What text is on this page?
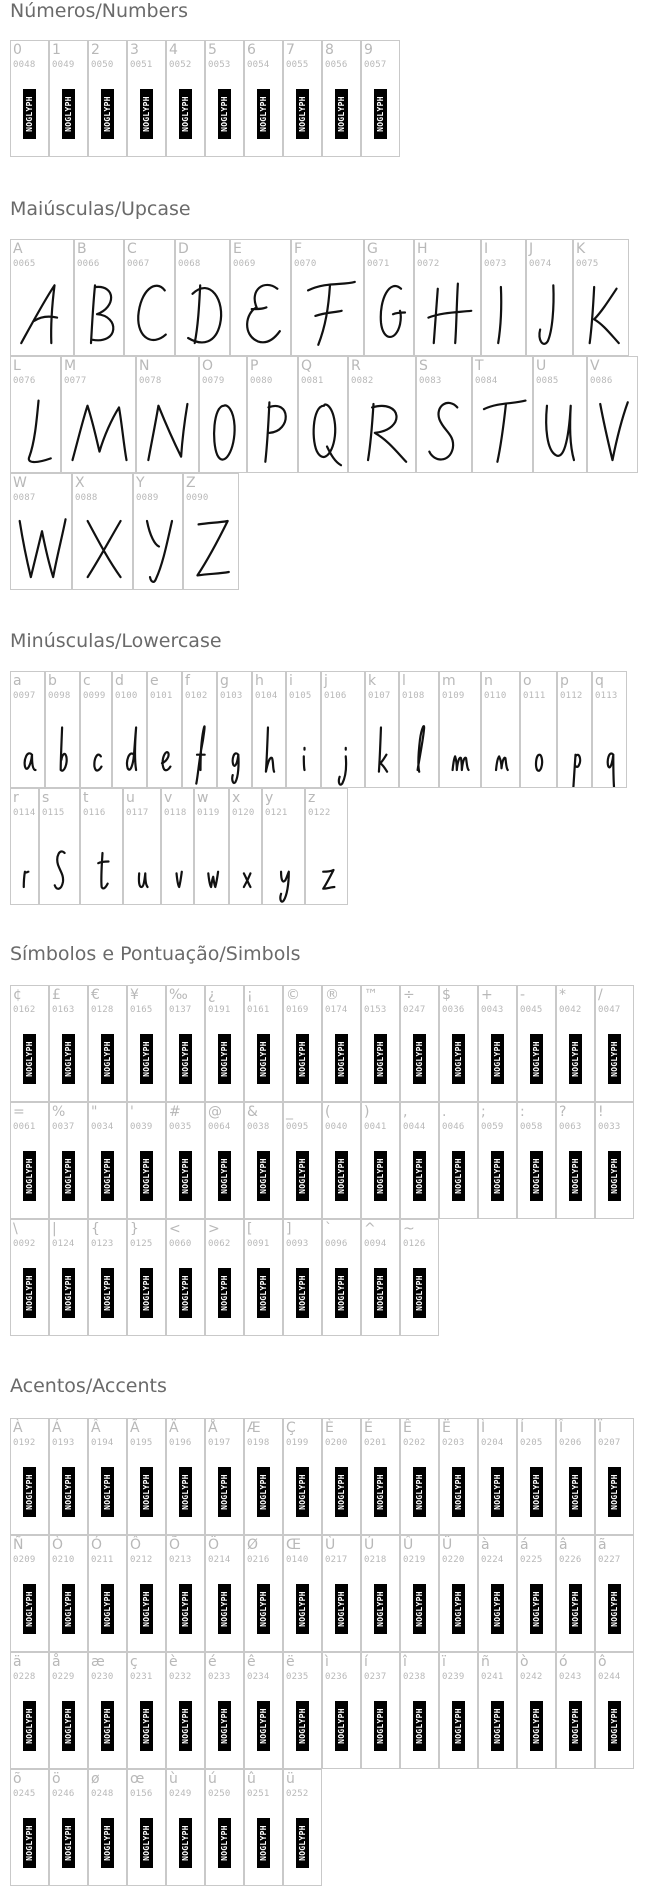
Números/Numbers
0
0048
NOGLYPH
1
0049
NOGLYPH
2
0050
NOGLYPH
3
0051
NOGLYPH
4
0052
NOGLYPH
5
0053
NOGLYPH
6
0054
NOGLYPH
7
0055
NOGLYPH
8
0056
NOGLYPH
9
0057
NOGLYPH
Maiúsculas/Upcase
A
0065
B
0066
C
0067
D
0068
E
0069
F
0070
G
0071
H
0072
I
0073
J
0074
K
0075
L
0076
M
0077
N
0078
O
0079
P
0080
Q
0081
R
0082
S
0083
T
0084
U
0085
V
0086
W
0087
X
0088
Y
0089
Z
0090
Minúsculas/Lowercase
a
0097
b
0098
c
0099
d
0100
e
0101
f
0102
g
0103
h
0104
i
0105
j
0106
k
0107
l
0108
m
0109
n
0110
o
0111
p
0112
q
0113
r
0114
s
0115
t
0116
u
0117
v
0118
w
0119
x
0120
y
0121
z
0122
Símbolos e Pontuação/Simbols
¢
0162
NOGLYPH
£
0163
NOGLYPH
€
0128
NOGLYPH
¥
0165
NOGLYPH
‰
0137
NOGLYPH
¿
0191
NOGLYPH
¡
0161
NOGLYPH
©
0169
NOGLYPH
®
0174
NOGLYPH
™
0153
NOGLYPH
÷
0247
NOGLYPH
$
0036
NOGLYPH
+
0043
NOGLYPH
-
0045
NOGLYPH
*
0042
NOGLYPH
/
0047
NOGLYPH
=
0061
NOGLYPH
%
0037
NOGLYPH
"
0034
NOGLYPH
'
0039
NOGLYPH
#
0035
NOGLYPH
@
0064
NOGLYPH
&
0038
NOGLYPH
_
0095
NOGLYPH
(
0040
NOGLYPH
)
0041
NOGLYPH
,
0044
NOGLYPH
.
0046
NOGLYPH
;
0059
NOGLYPH
:
0058
NOGLYPH
?
0063
NOGLYPH
!
0033
NOGLYPH
\
0092
NOGLYPH
|
0124
NOGLYPH
{
0123
NOGLYPH
}
0125
NOGLYPH
<
0060
NOGLYPH
>
0062
NOGLYPH
[
0091
NOGLYPH
]
0093
NOGLYPH
`
0096
NOGLYPH
^
0094
NOGLYPH
~
0126
NOGLYPH
Acentos/Accents
À
0192
NOGLYPH
Á
0193
NOGLYPH
Â
0194
NOGLYPH
Ã
0195
NOGLYPH
Ä
0196
NOGLYPH
Å
0197
NOGLYPH
Æ
0198
NOGLYPH
Ç
0199
NOGLYPH
È
0200
NOGLYPH
É
0201
NOGLYPH
Ê
0202
NOGLYPH
Ë
0203
NOGLYPH
Ì
0204
NOGLYPH
Í
0205
NOGLYPH
Î
0206
NOGLYPH
Ï
0207
NOGLYPH
Ñ
0209
NOGLYPH
Ò
0210
NOGLYPH
Ó
0211
NOGLYPH
Ô
0212
NOGLYPH
Õ
0213
NOGLYPH
Ö
0214
NOGLYPH
Ø
0216
NOGLYPH
Œ
0140
NOGLYPH
Ù
0217
NOGLYPH
Ú
0218
NOGLYPH
Û
0219
NOGLYPH
Ü
0220
NOGLYPH
à
0224
NOGLYPH
á
0225
NOGLYPH
â
0226
NOGLYPH
ã
0227
NOGLYPH
ä
0228
NOGLYPH
å
0229
NOGLYPH
æ
0230
NOGLYPH
ç
0231
NOGLYPH
è
0232
NOGLYPH
é
0233
NOGLYPH
ê
0234
NOGLYPH
ë
0235
NOGLYPH
ì
0236
NOGLYPH
í
0237
NOGLYPH
î
0238
NOGLYPH
ï
0239
NOGLYPH
ñ
0241
NOGLYPH
ò
0242
NOGLYPH
ó
0243
NOGLYPH
ô
0244
NOGLYPH
õ
0245
NOGLYPH
ö
0246
NOGLYPH
ø
0248
NOGLYPH
œ
0156
NOGLYPH
ù
0249
NOGLYPH
ú
0250
NOGLYPH
û
0251
NOGLYPH
ü
0252
NOGLYPH
